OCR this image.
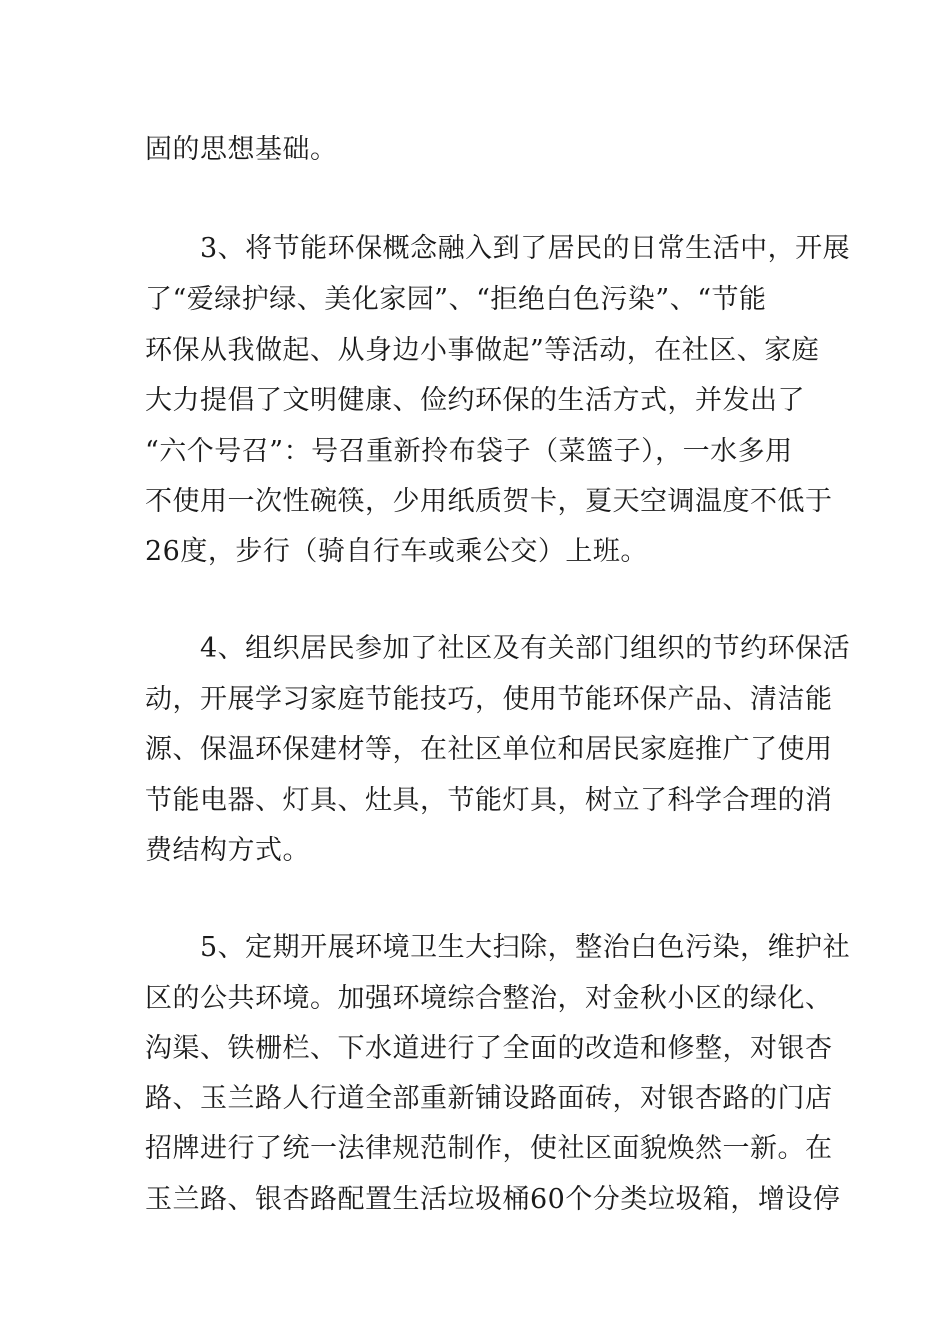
固的思想基础。
　　3、将节能环保概念融入到了居民的日常生活中，开展
了“爱绿护绿、美化家园”、“拒绝白色污染”、“节能
环保从我做起、从身边小事做起”等活动，在社区、家庭
大力提倡了文明健康、俭约环保的生活方式，并发出了
“六个号召”：号召重新拎布袋子（菜篮子），一水多用
不使用一次性碗筷，少用纸质贺卡，夏天空调温度不低于
26度，步行（骑自行车或乘公交）上班。
　　4、组织居民参加了社区及有关部门组织的节约环保活
动，开展学习家庭节能技巧，使用节能环保产品、清洁能
源、保温环保建材等，在社区单位和居民家庭推广了使用
节能电器、灯具、灶具，节能灯具，树立了科学合理的消
费结构方式。
　　5、定期开展环境卫生大扫除，整治白色污染，维护社
区的公共环境。加强环境综合整治，对金秋小区的绿化、
沟渠、铁栅栏、下水道进行了全面的改造和修整，对银杏
路、玉兰路人行道全部重新铺设路面砖，对银杏路的门店
招牌进行了统一法律规范制作，使社区面貌焕然一新。在
玉兰路、银杏路配置生活垃圾桶60个分类垃圾箱，增设停
